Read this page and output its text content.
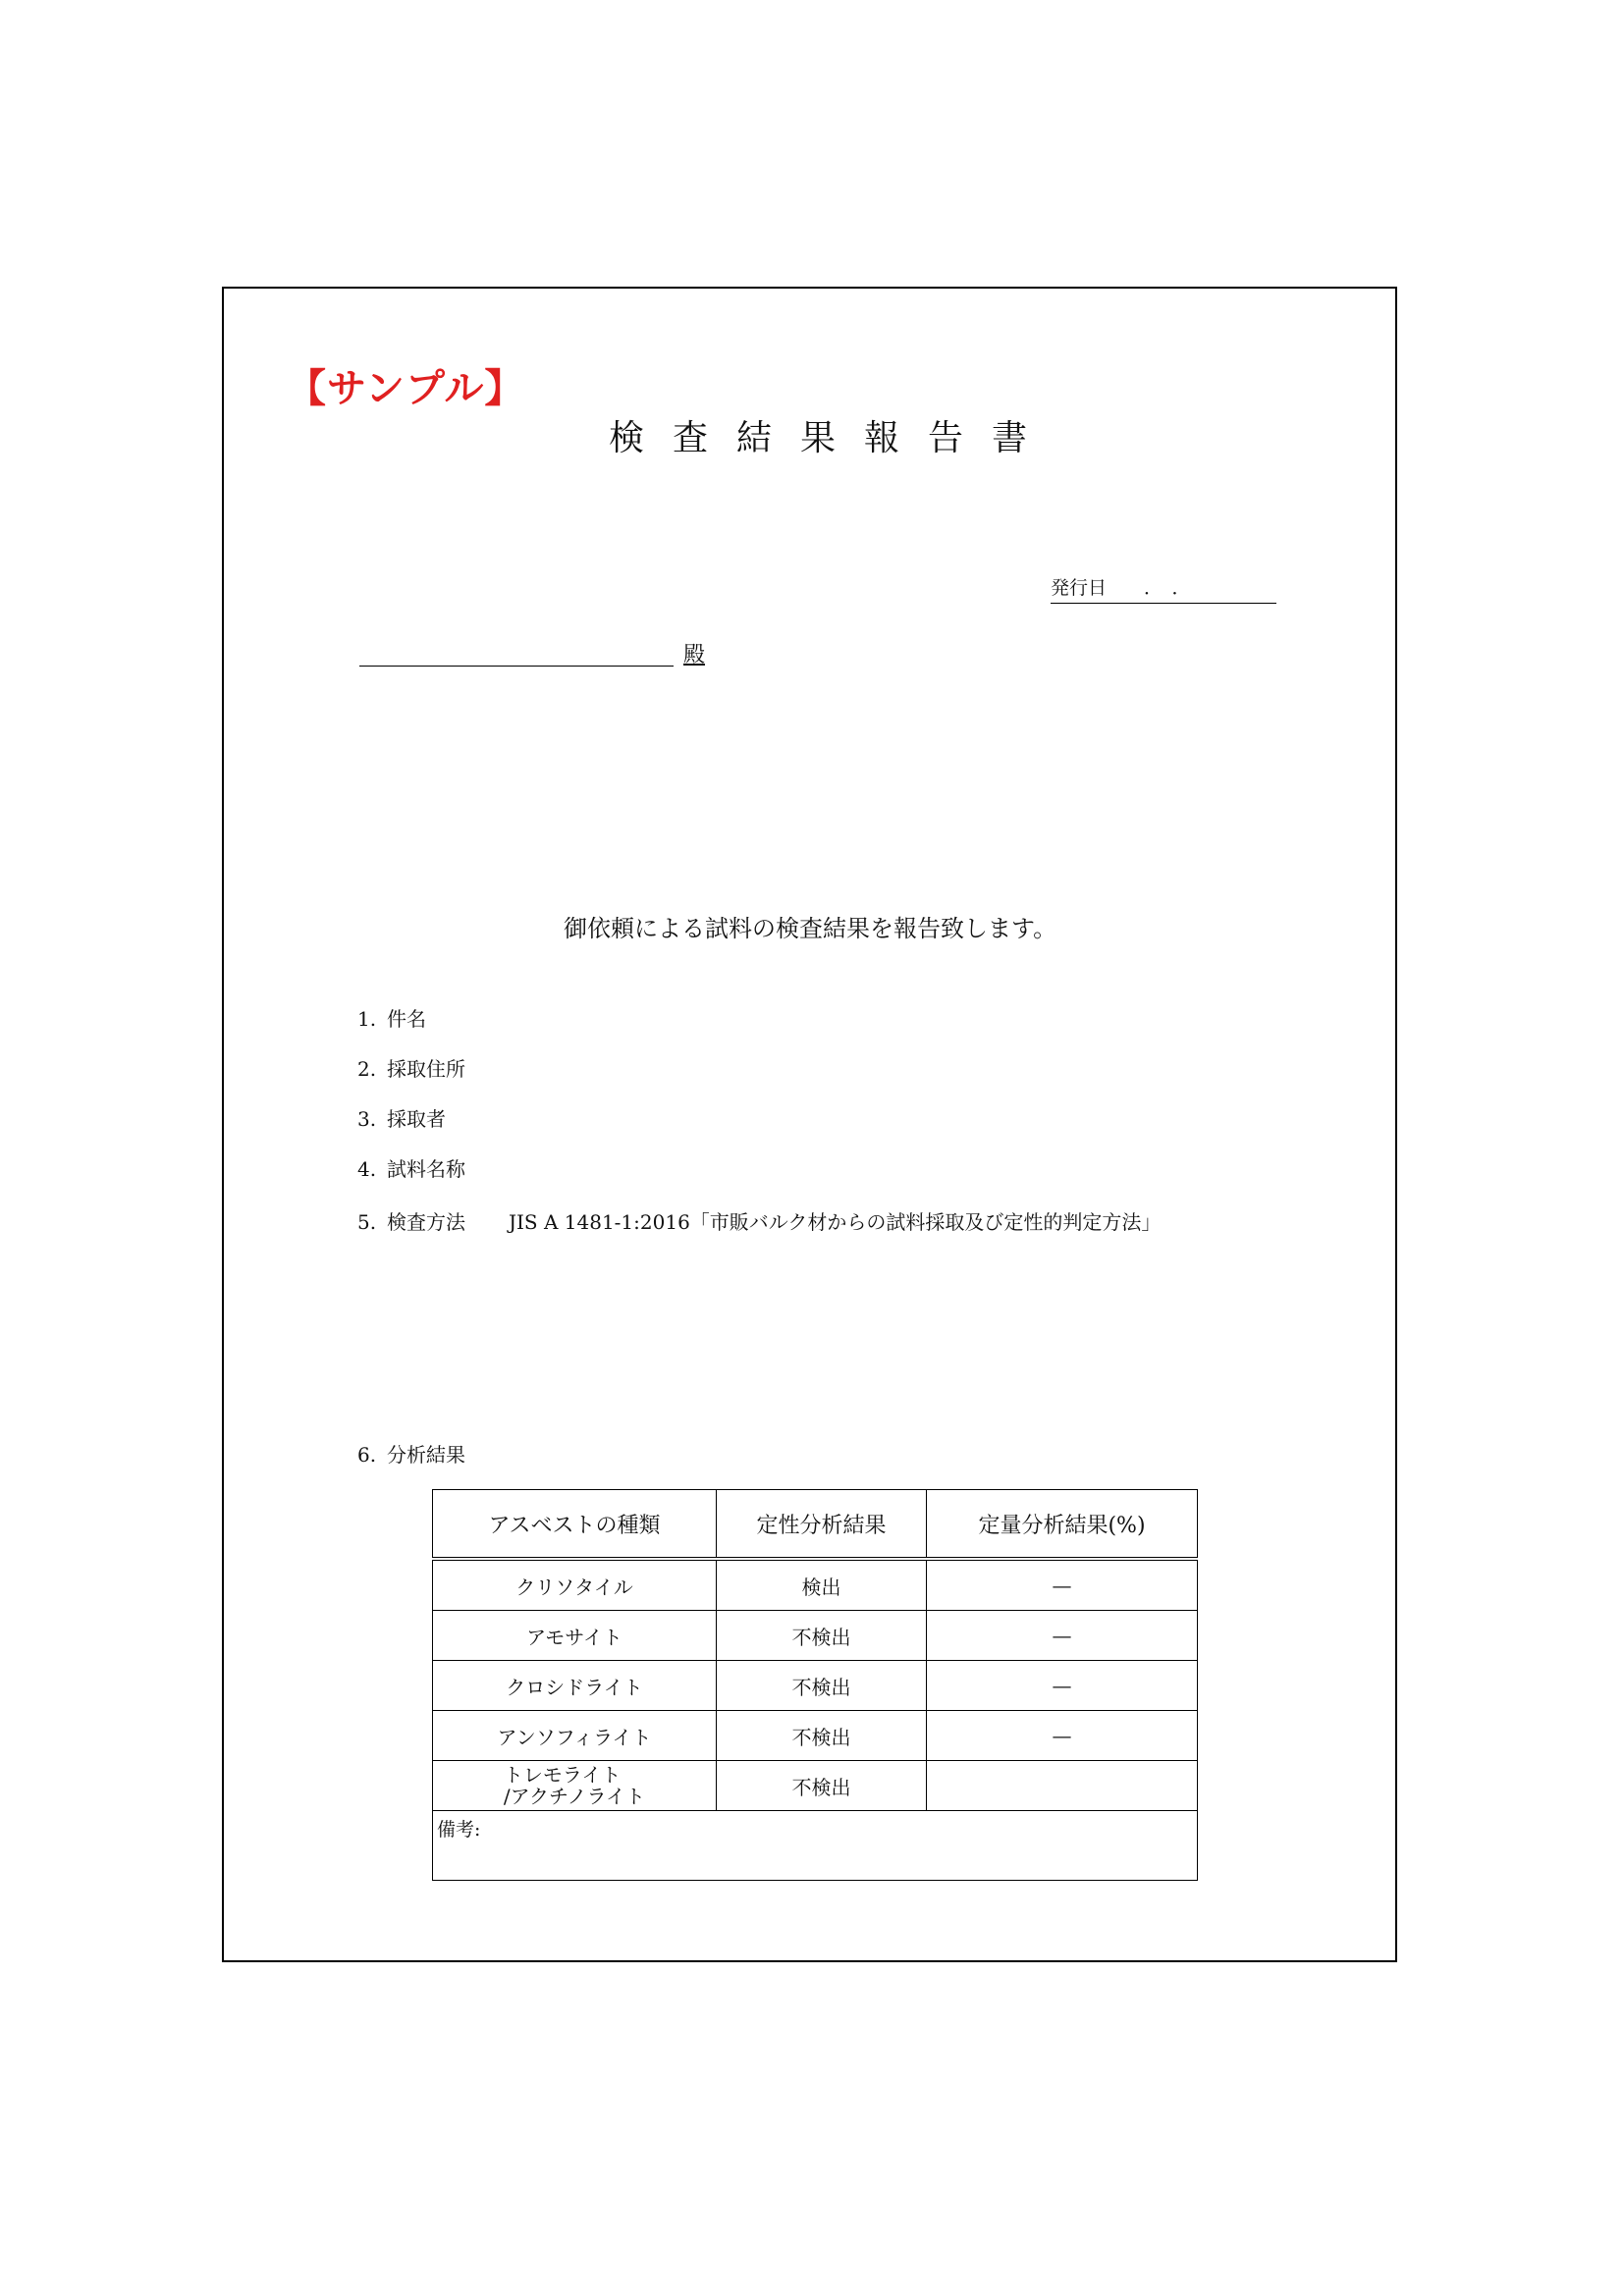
【サンプル】
検査結果報告書
発行日　　．　．
殿
御依頼による試料の検査結果を報告致します。
1. 件名
2. 採取住所
3. 採取者
4. 試料名称
5. 検査方法 JIS A 1481-1:2016「市販バルク材からの試料採取及び定性的判定方法」
6. 分析結果
アスベストの種類	定性分析結果	定量分析結果(%)
クリソタイル	検出	—
アモサイト	不検出	—
クロシドライト	不検出	—
アンソフィライト	不検出	—
トレモライト
/アクチノライト	不検出	
備考:		
